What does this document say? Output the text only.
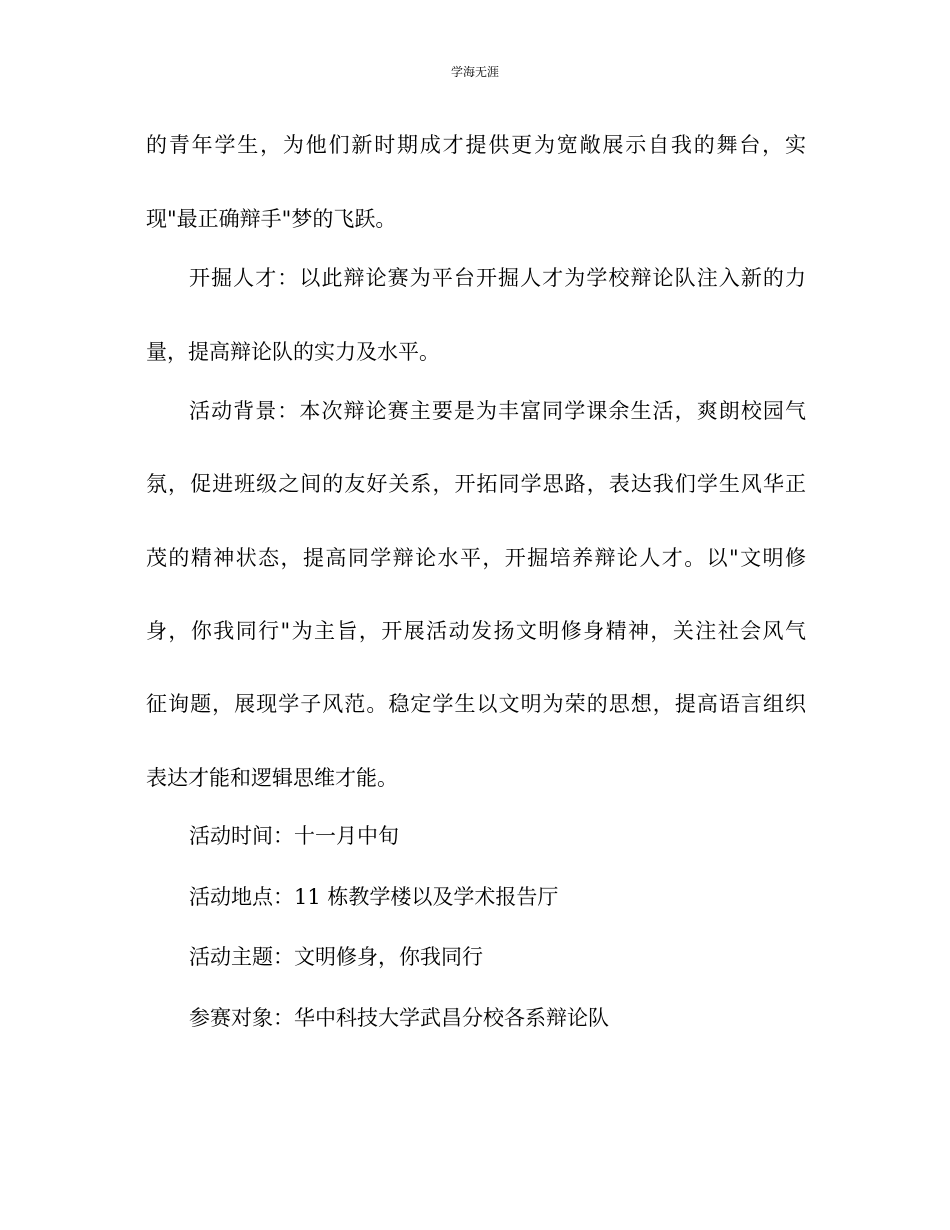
学海无涯
的青年学生，为他们新时期成才提供更为宽敞展示自我的舞台，实
现"最正确辩手"梦的飞跃。
开掘人才：以此辩论赛为平台开掘人才为学校辩论队注入新的力
量，提高辩论队的实力及水平。
活动背景：本次辩论赛主要是为丰富同学课余生活，爽朗校园气
氛，促进班级之间的友好关系，开拓同学思路，表达我们学生风华正
茂的精神状态，提高同学辩论水平，开掘培养辩论人才。以"文明修
身，你我同行"为主旨，开展活动发扬文明修身精神，关注社会风气
征询题，展现学子风范。稳定学生以文明为荣的思想，提高语言组织
表达才能和逻辑思维才能。
活动时间：十一月中旬
活动地点：11 栋教学楼以及学术报告厅
活动主题：文明修身，你我同行
参赛对象：华中科技大学武昌分校各系辩论队
